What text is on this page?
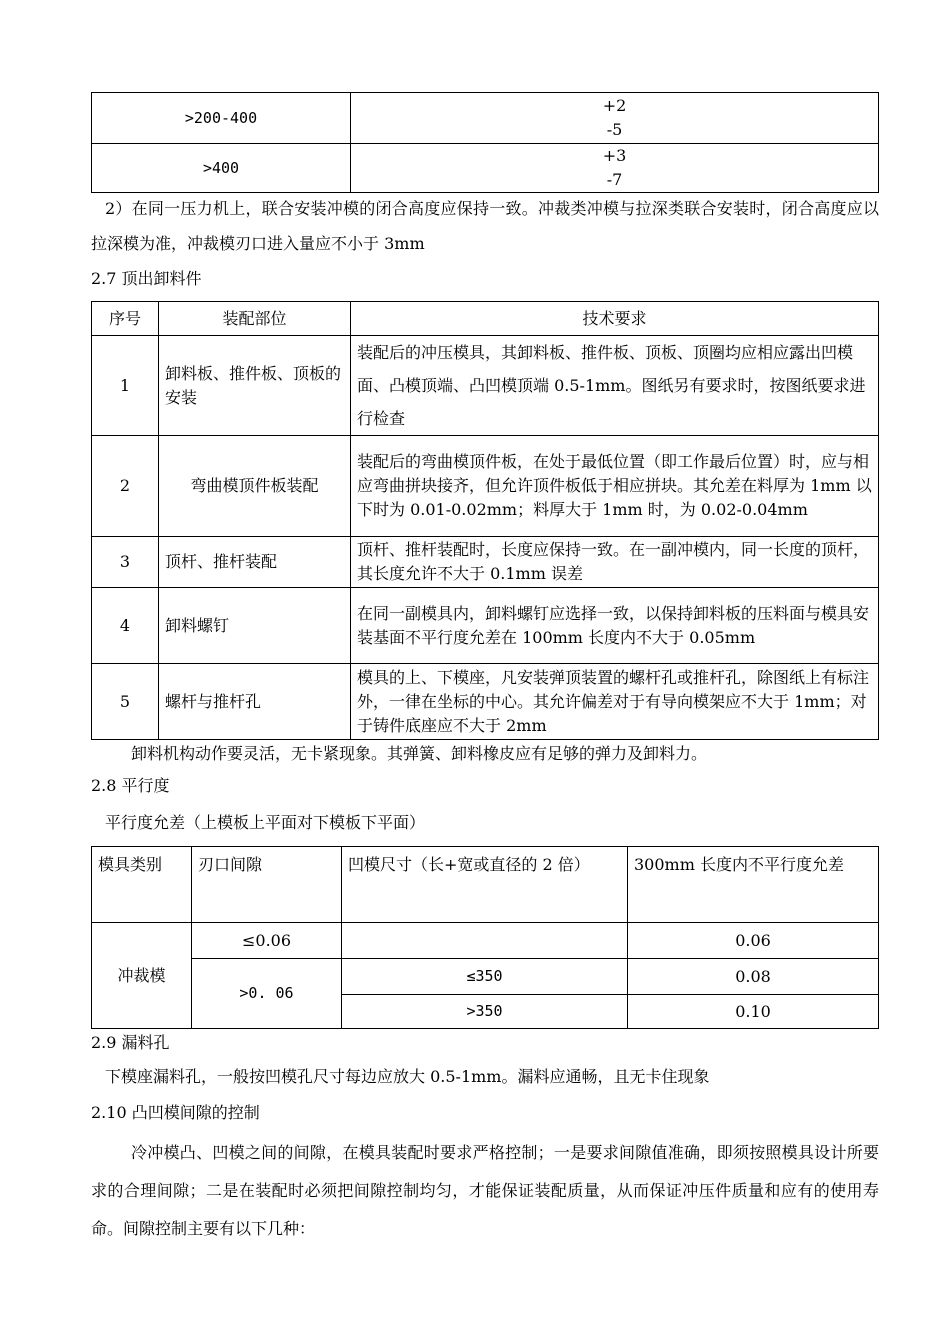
>200-400	+2
-5

>400	+3
-7

2）在同一压力机上，联合安装冲模的闭合高度应保持一致。冲裁类冲模与拉深类联合安装时，闭合高度应以拉深模为准，冲裁模刃口进入量应不小于 3mm

2.7 顶出卸料件

序号	装配部位	技术要求
1	卸料板、推件板、顶板的安装	装配后的冲压模具，其卸料板、推件板、顶板、顶圈均应相应露出凹模面、凸模顶端、凸凹模顶端 0.5-1mm。图纸另有要求时，按图纸要求进行检查
2	弯曲模顶件板装配	装配后的弯曲模顶件板，在处于最低位置（即工作最后位置）时，应与相应弯曲拼块接齐，但允许顶件板低于相应拼块。其允差在料厚为 1mm 以下时为 0.01-0.02mm；料厚大于 1mm 时，为 0.02-0.04mm
3	顶杆、推杆装配	顶杆、推杆装配时，长度应保持一致。在一副冲模内，同一长度的顶杆，其长度允许不大于 0.1mm 误差
4	卸料螺钉	在同一副模具内，卸料螺钉应选择一致，以保持卸料板的压料面与模具安装基面不平行度允差在 100mm 长度内不大于 0.05mm
5	螺杆与推杆孔	模具的上、下模座，凡安装弹顶装置的螺杆孔或推杆孔，除图纸上有标注外，一律在坐标的中心。其允许偏差对于有导向模架应不大于 1mm；对于铸件底座应不大于 2mm

卸料机构动作要灵活，无卡紧现象。其弹簧、卸料橡皮应有足够的弹力及卸料力。

2.8 平行度

平行度允差（上模板上平面对下模板下平面）

模具类别	刃口间隙	凹模尺寸（长+宽或直径的 2 倍）	300mm 长度内不平行度允差
冲裁模	≤0.06		0.06
	>0. 06	≤350	0.08
		>350	0.10

2.9 漏料孔

下模座漏料孔，一般按凹模孔尺寸每边应放大 0.5-1mm。漏料应通畅，且无卡住现象

2.10 凸凹模间隙的控制

冷冲模凸、凹模之间的间隙，在模具装配时要求严格控制；一是要求间隙值准确，即须按照模具设计所要求的合理间隙；二是在装配时必须把间隙控制均匀，才能保证装配质量，从而保证冲压件质量和应有的使用寿命。间隙控制主要有以下几种：
